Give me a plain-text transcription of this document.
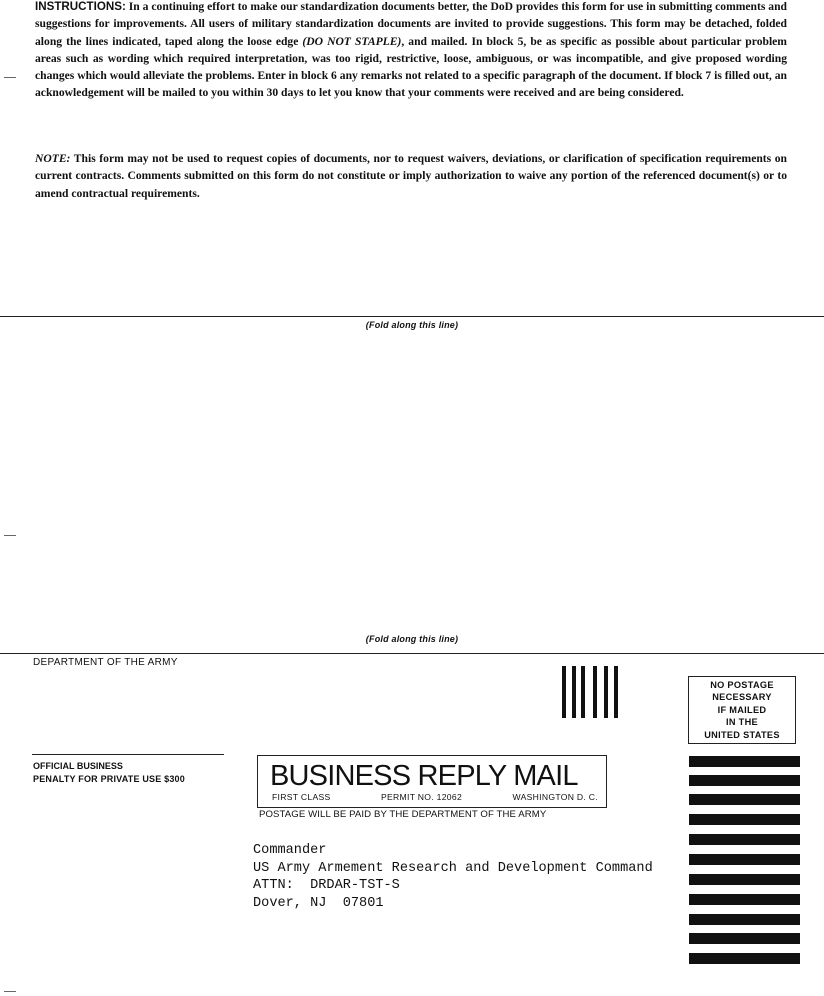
INSTRUCTIONS: In a continuing effort to make our standardization documents better, the DoD provides this form for use in submitting comments and suggestions for improvements. All users of military standardization documents are invited to provide suggestions. This form may be detached, folded along the lines indicated, taped along the loose edge (DO NOT STAPLE), and mailed. In block 5, be as specific as possible about particular problem areas such as wording which required interpretation, was too rigid, restrictive, loose, ambiguous, or was incompatible, and give proposed wording changes which would alleviate the problems. Enter in block 6 any remarks not related to a specific paragraph of the document. If block 7 is filled out, an acknowledgement will be mailed to you within 30 days to let you know that your comments were received and are being considered.

NOTE: This form may not be used to request copies of documents, nor to request waivers, deviations, or clarification of specification requirements on current contracts. Comments submitted on this form do not constitute or imply authorization to waive any portion of the referenced document(s) or to amend contractual requirements.

(Fold along this line)
(Fold along this line)
DEPARTMENT OF THE ARMY
OFFICIAL BUSINESS
PENALTY FOR PRIVATE USE $300
NO POSTAGE
NECESSARY
IF MAILED
IN THE
UNITED STATES
BUSINESS REPLY MAIL
FIRST CLASS	PERMIT NO. 12062	WASHINGTON D. C.
POSTAGE WILL BE PAID BY THE DEPARTMENT OF THE ARMY
Commander
US Army Armement Research and Development Command
ATTN:  DRDAR-TST-S
Dover, NJ  07801
